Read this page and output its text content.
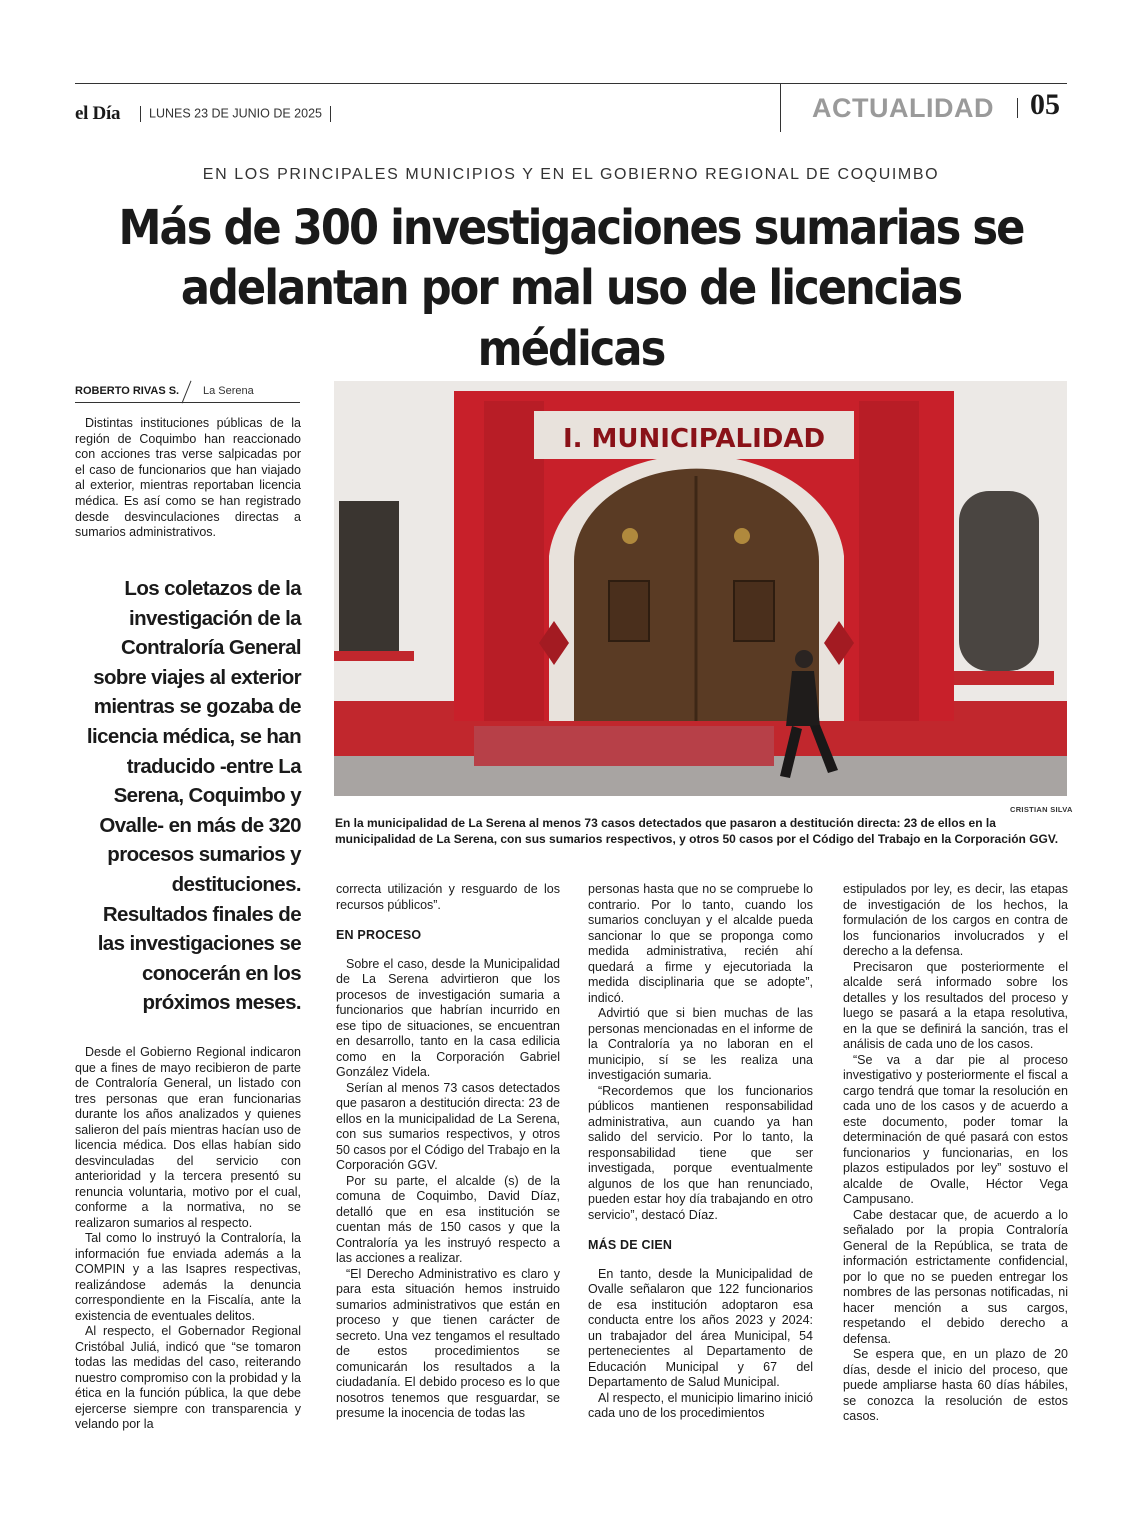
el Día	LUNES 23 DE JUNIO DE 2025	ACTUALIDAD 05
EN LOS PRINCIPALES MUNICIPIOS Y EN EL GOBIERNO REGIONAL DE COQUIMBO
Más de 300 investigaciones sumarias se
adelantan por mal uso de licencias médicas
ROBERTO RIVAS S. La Serena

Distintas instituciones públicas de la región de Coquimbo han reaccionado con acciones tras verse salpicadas por el caso de funcionarios que han viajado al exterior, mientras reportaban licencia médica. Es así como se han registrado desde desvinculaciones directas a sumarios administrativos.

Los coletazos de la investigación de la Contraloría General sobre viajes al exterior mientras se gozaba de licencia médica, se han traducido -entre La Serena, Coquimbo y Ovalle- en más de 320 procesos sumarios y destituciones. Resultados finales de las investigaciones se conocerán en los próximos meses.
I. MUNICIPALIDAD
CRISTIAN SILVA
En la municipalidad de La Serena al menos 73 casos detectados que pasaron a destitución directa: 23 de ellos en la municipalidad de La Serena, con sus sumarios respectivos, y otros 50 casos por el Código del Trabajo en la Corporación GGV.

Desde el Gobierno Regional indicaron que a fines de mayo recibieron de parte de Contraloría General, un listado con tres personas que eran funcionarias durante los años analizados y quienes salieron del país mientras hacían uso de licencia médica. Dos ellas habían sido desvinculadas del servicio con anterioridad y la tercera presentó su renuncia voluntaria, motivo por el cual, conforme a la normativa, no se realizaron sumarios al respecto.

Tal como lo instruyó la Contraloría, la información fue enviada además a la COMPIN y a las Isapres respectivas, realizándose además la denuncia correspondiente en la Fiscalía, ante la existencia de eventuales delitos.

Al respecto, el Gobernador Regional Cristóbal Juliá, indicó que “se tomaron todas las medidas del caso, reiterando nuestro compromiso con la probidad y la ética en la función pública, la que debe ejercerse siempre con transparencia y velando por la

correcta utilización y resguardo de los recursos públicos”.

EN PROCESO

Sobre el caso, desde la Municipalidad de La Serena advirtieron que los procesos de investigación sumaria a funcionarios que habrían incurrido en ese tipo de situaciones, se encuentran en desarrollo, tanto en la casa edilicia como en la Corporación Gabriel González Videla.

Serían al menos 73 casos detectados que pasaron a destitución directa: 23 de ellos en la municipalidad de La Serena, con sus sumarios respectivos, y otros 50 casos por el Código del Trabajo en la Corporación GGV.

Por su parte, el alcalde (s) de la comuna de Coquimbo, David Díaz, detalló que en esa institución se cuentan más de 150 casos y que la Contraloría ya les instruyó respecto a las acciones a realizar.

“El Derecho Administrativo es claro y para esta situación hemos instruido sumarios administrativos que están en proceso y que tienen carácter de secreto. Una vez tengamos el resultado de estos procedimientos se comunicarán los resultados a la ciudadanía. El debido proceso es lo que nosotros tenemos que resguardar, se presume la inocencia de todas las

personas hasta que no se compruebe lo contrario. Por lo tanto, cuando los sumarios concluyan y el alcalde pueda sancionar lo que se proponga como medida administrativa, recién ahí quedará a firme y ejecutoriada la medida disciplinaria que se adopte”, indicó.

Advirtió que si bien muchas de las personas mencionadas en el informe de la Contraloría ya no laboran en el municipio, sí se les realiza una investigación sumaria.

“Recordemos que los funcionarios públicos mantienen responsabilidad administrativa, aun cuando ya han salido del servicio. Por lo tanto, la responsabilidad tiene que ser investigada, porque eventualmente algunos de los que han renunciado, pueden estar hoy día trabajando en otro servicio”, destacó Díaz.

MÁS DE CIEN

En tanto, desde la Municipalidad de Ovalle señalaron que 122 funcionarios de esa institución adoptaron esa conducta entre los años 2023 y 2024: un trabajador del área Municipal, 54 pertenecientes al Departamento de Educación Municipal y 67 del Departamento de Salud Municipal.

Al respecto, el municipio limarino inició cada uno de los procedimientos

estipulados por ley, es decir, las etapas de investigación de los hechos, la formulación de los cargos en contra de los funcionarios involucrados y el derecho a la defensa.

Precisaron que posteriormente el alcalde será informado sobre los detalles y los resultados del proceso y luego se pasará a la etapa resolutiva, en la que se definirá la sanción, tras el análisis de cada uno de los casos.

“Se va a dar pie al proceso investigativo y posteriormente el fiscal a cargo tendrá que tomar la resolución en cada uno de los casos y de acuerdo a este documento, poder tomar la determinación de qué pasará con estos funcionarios y funcionarias, en los plazos estipulados por ley” sostuvo el alcalde de Ovalle, Héctor Vega Campusano.

Cabe destacar que, de acuerdo a lo señalado por la propia Contraloría General de la República, se trata de información estrictamente confidencial, por lo que no se pueden entregar los nombres de las personas notificadas, ni hacer mención a sus cargos, respetando el debido derecho a defensa.

Se espera que, en un plazo de 20 días, desde el inicio del proceso, que puede ampliarse hasta 60 días hábiles, se conozca la resolución de estos casos.
